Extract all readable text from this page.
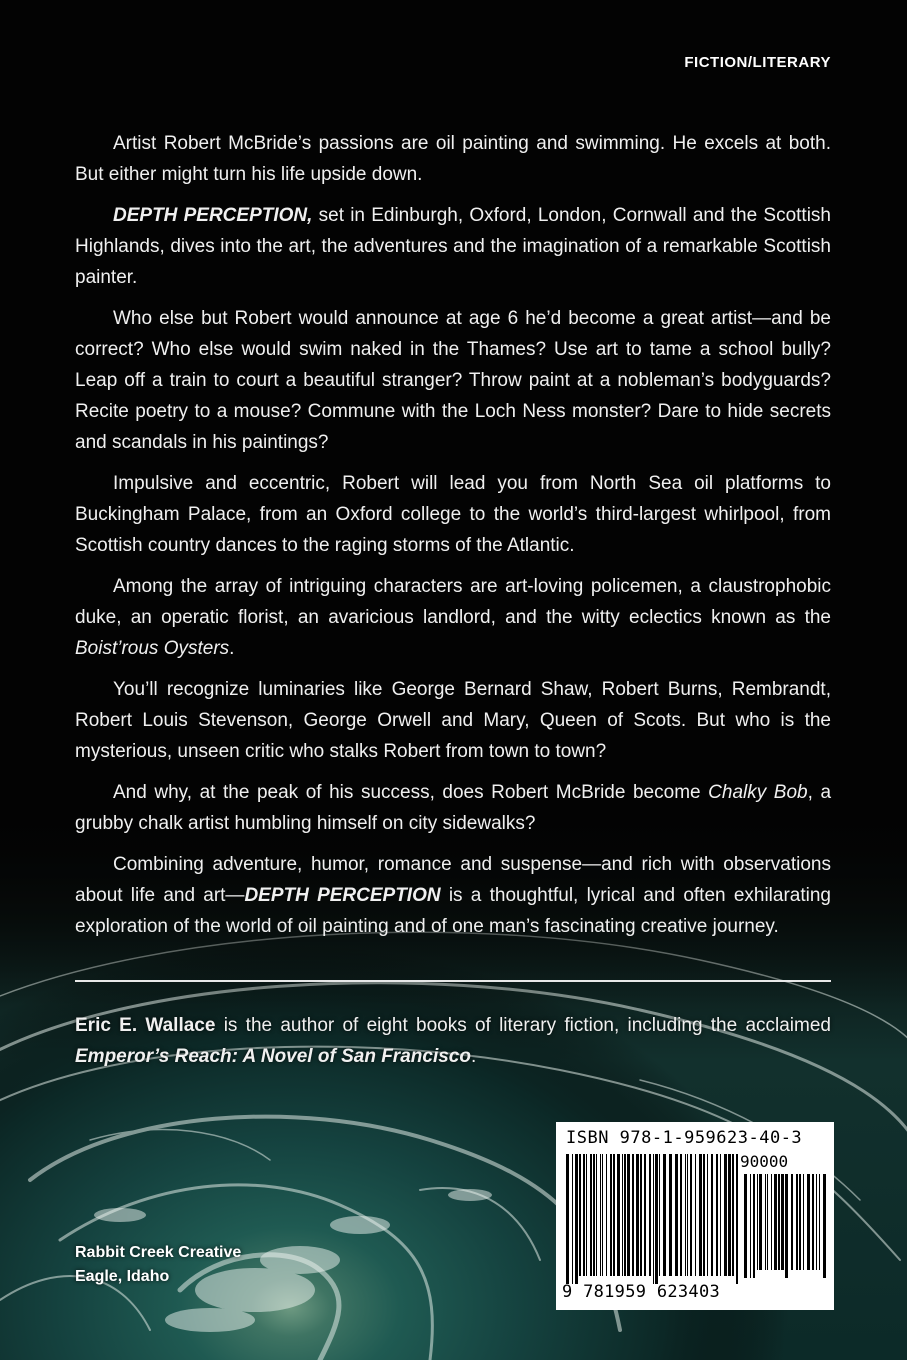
FICTION/LITERARY

Artist Robert McBride’s passions are oil painting and swimming. He excels at both. But either might turn his life upside down.

DEPTH PERCEPTION, set in Edinburgh, Oxford, London, Cornwall and the Scottish Highlands, dives into the art, the adventures and the imagination of a remarkable Scottish painter.

Who else but Robert would announce at age 6 he’d become a great artist—and be correct? Who else would swim naked in the Thames? Use art to tame a school bully? Leap off a train to court a beautiful stranger? Throw paint at a nobleman’s bodyguards? Recite poetry to a mouse? Commune with the Loch Ness monster? Dare to hide secrets and scandals in his paintings?

Impulsive and eccentric, Robert will lead you from North Sea oil platforms to Buckingham Palace, from an Oxford college to the world’s third-largest whirlpool, from Scottish country dances to the raging storms of the Atlantic.

Among the array of intriguing characters are art-loving policemen, a claustrophobic duke, an operatic florist, an avaricious landlord, and the witty eclectics known as the Boist’rous Oysters.

You’ll recognize luminaries like George Bernard Shaw, Robert Burns, Rembrandt, Robert Louis Stevenson, George Orwell and Mary, Queen of Scots. But who is the mysterious, unseen critic who stalks Robert from town to town?

And why, at the peak of his success, does Robert McBride become Chalky Bob, a grubby chalk artist humbling himself on city sidewalks?

Combining adventure, humor, romance and suspense—and rich with observations about life and art—DEPTH PERCEPTION is a thoughtful, lyrical and often exhilarating exploration of the world of oil painting and of one man’s fascinating creative journey.

Eric E. Wallace is the author of eight books of literary fiction, including the acclaimed Emperor’s Reach: A Novel of San Francisco.
ISBN 978-1-959623-40-3
90000
9 781959 623403
Rabbit Creek Creative
Eagle, Idaho
